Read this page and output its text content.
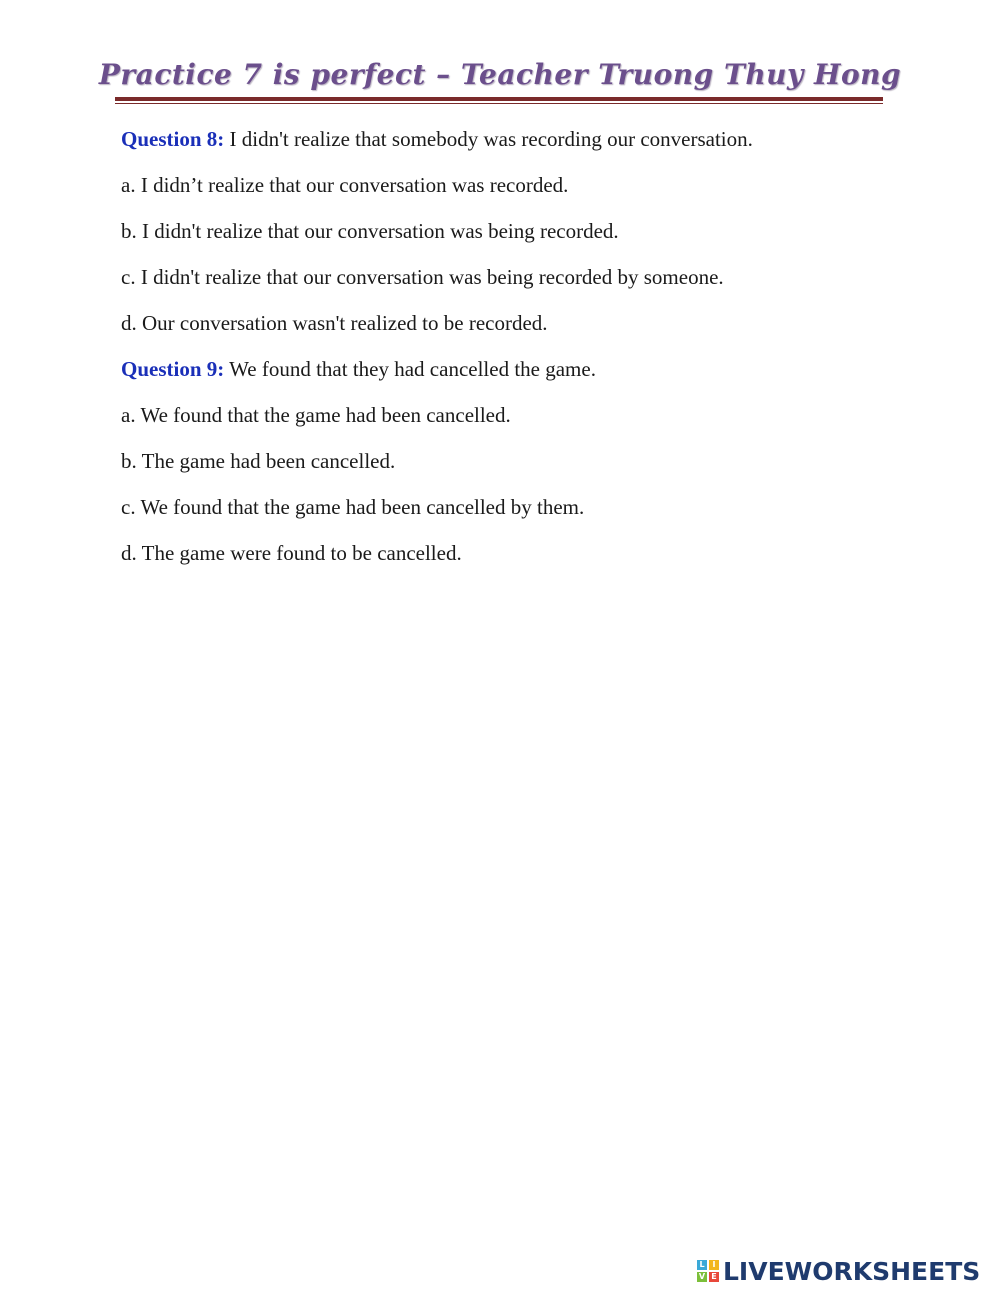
Practice 7 is perfect – Teacher Truong Thuy Hong
Question 8: I didn't realize that somebody was recording our conversation.
a. I didn’t realize that our conversation was recorded.
b. I didn't realize that our conversation was being recorded.
c. I didn't realize that our conversation was being recorded by someone.
d. Our conversation wasn't realized to be recorded.
Question 9: We found that they had cancelled the game.
a. We found that the game had been cancelled.
b. The game had been cancelled.
c. We found that the game had been cancelled by them.
d. The game were found to be cancelled.
L I
V E LIVEWORKSHEETS
